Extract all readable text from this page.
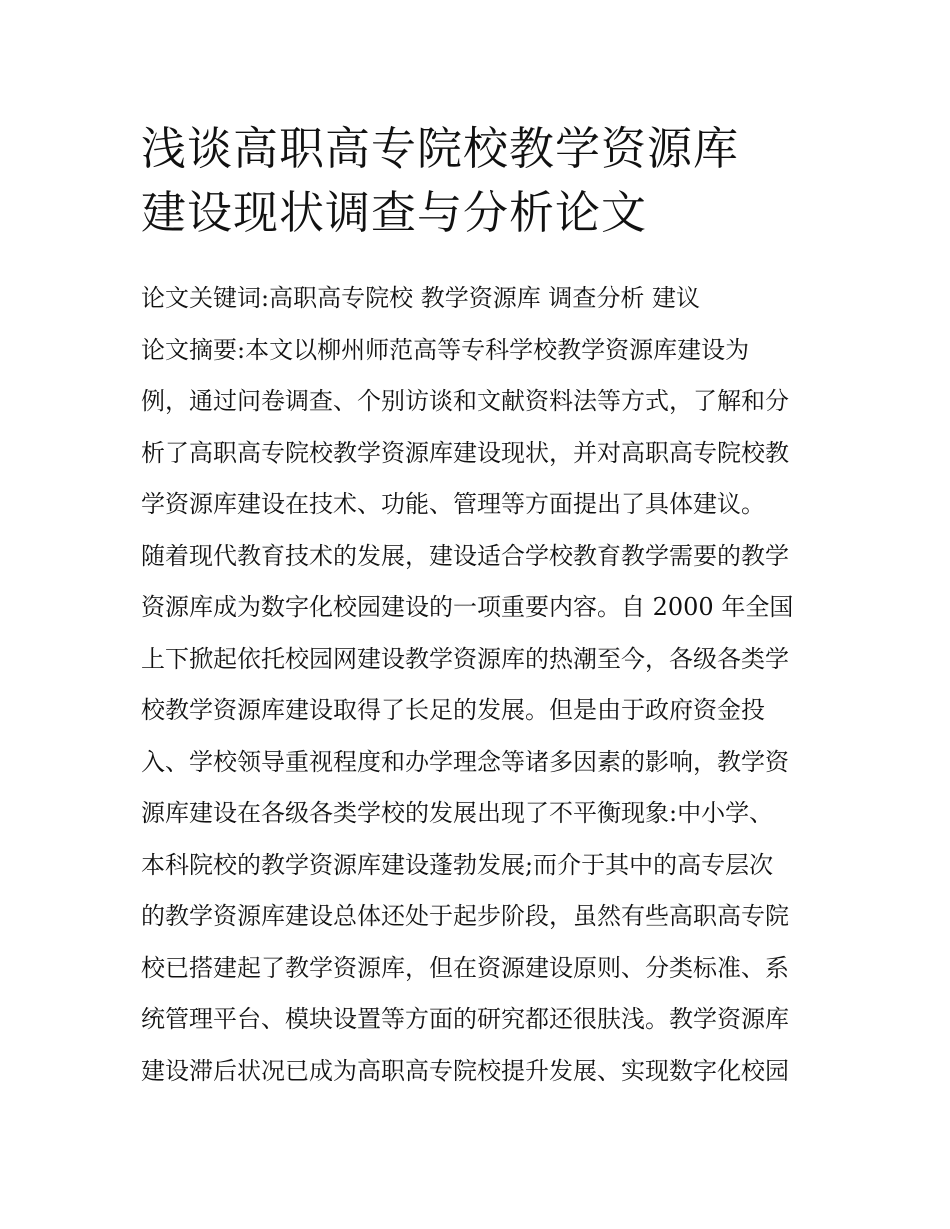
浅谈高职高专院校教学资源库
建设现状调查与分析论文
论文关键词:高职高专院校 教学资源库 调查分析 建议
论文摘要:本文以柳州师范高等专科学校教学资源库建设为
例，通过问卷调查、个别访谈和文献资料法等方式，了解和分
析了高职高专院校教学资源库建设现状，并对高职高专院校教
学资源库建设在技术、功能、管理等方面提出了具体建议。
随着现代教育技术的发展，建设适合学校教育教学需要的教学
资源库成为数字化校园建设的一项重要内容。自 2000 年全国
上下掀起依托校园网建设教学资源库的热潮至今，各级各类学
校教学资源库建设取得了长足的发展。但是由于政府资金投
入、学校领导重视程度和办学理念等诸多因素的影响，教学资
源库建设在各级各类学校的发展出现了不平衡现象:中小学、
本科院校的教学资源库建设蓬勃发展;而介于其中的高专层次
的教学资源库建设总体还处于起步阶段，虽然有些高职高专院
校已搭建起了教学资源库，但在资源建设原则、分类标准、系
统管理平台、模块设置等方面的研究都还很肤浅。教学资源库
建设滞后状况已成为高职高专院校提升发展、实现数字化校园
